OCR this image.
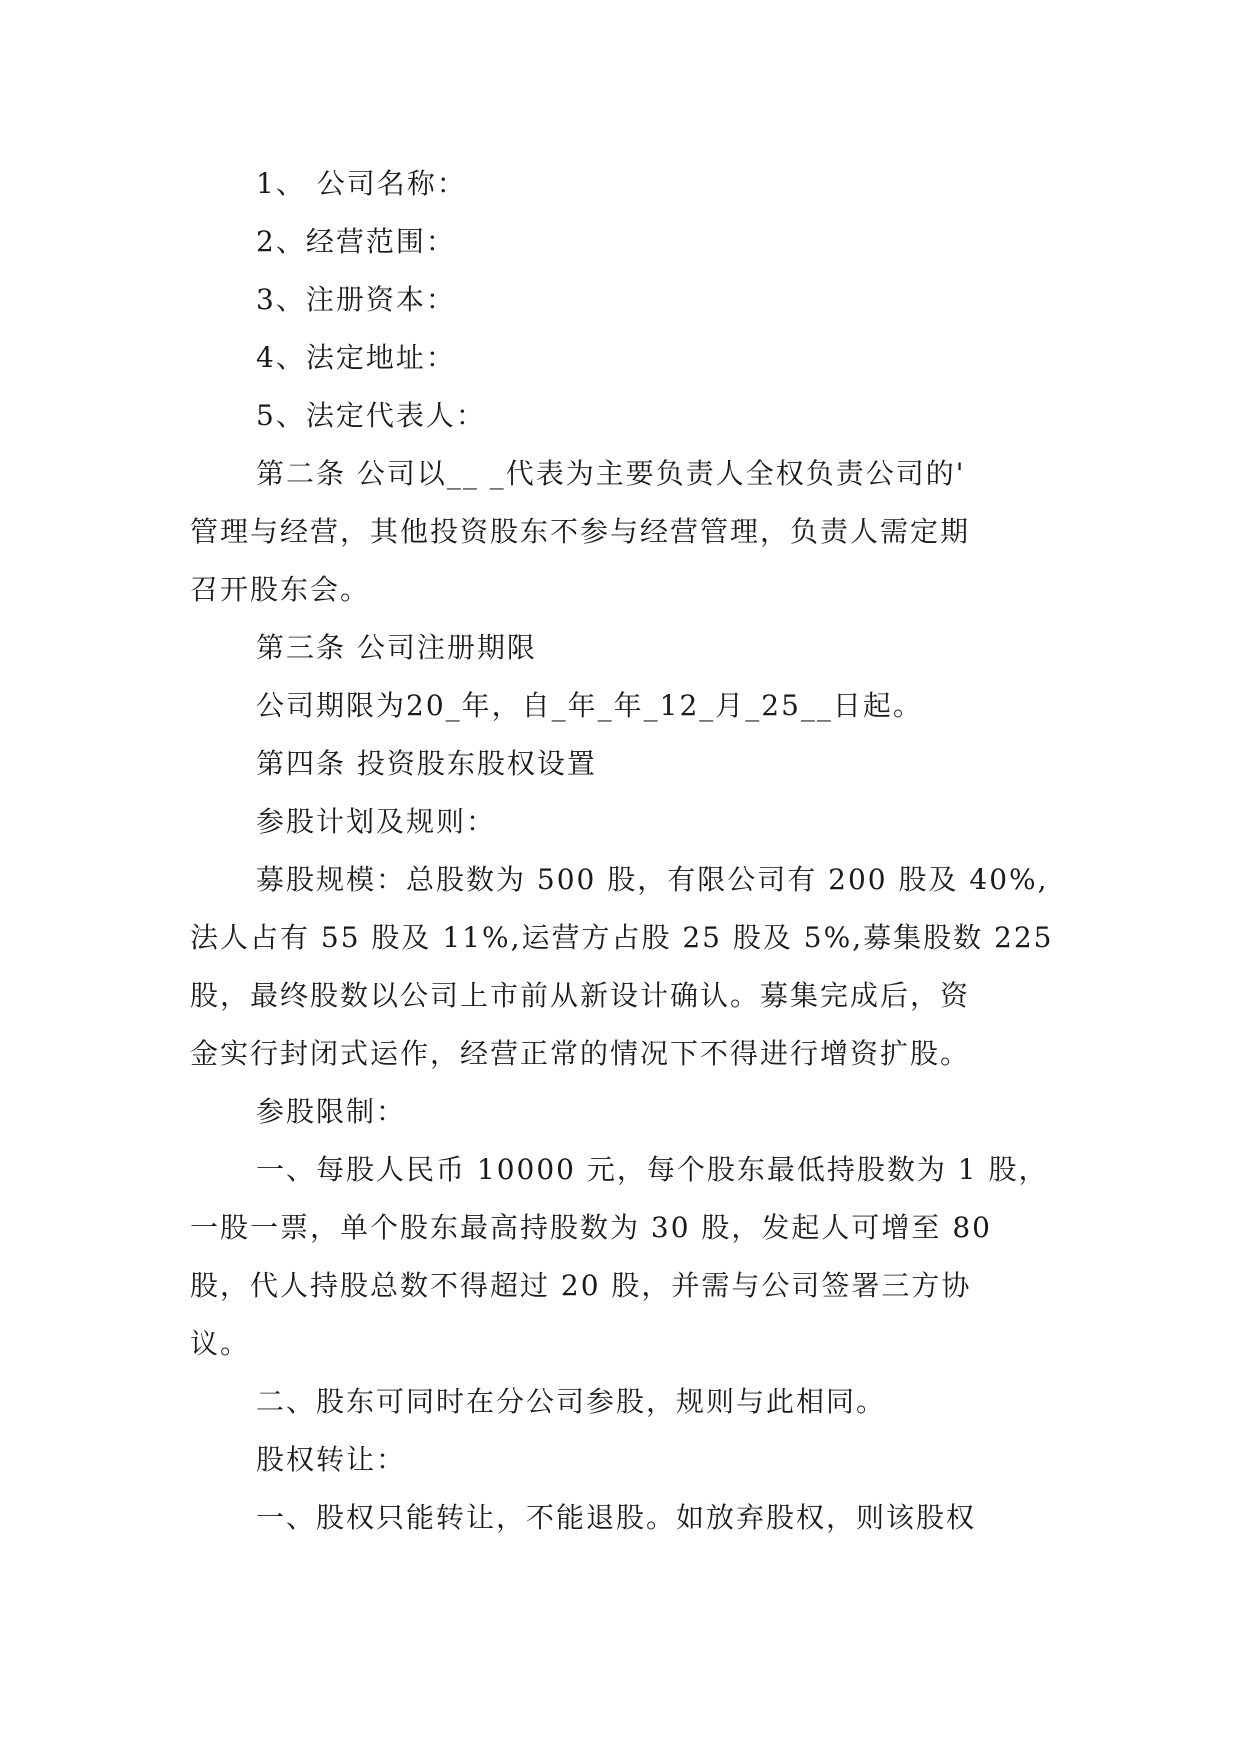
1、 公司名称：
2、经营范围：
3、注册资本：
4、法定地址：
5、法定代表人：
第二条 公司以__ _代表为主要负责人全权负责公司的'
管理与经营，其他投资股东不参与经营管理，负责人需定期
召开股东会。
第三条 公司注册期限
公司期限为20_年，自_年_年_12_月_25__日起。
第四条 投资股东股权设置
参股计划及规则：
募股规模：总股数为 500 股，有限公司有 200 股及 40%,
法人占有 55 股及 11%,运营方占股 25 股及 5%,募集股数 225
股，最终股数以公司上市前从新设计确认。募集完成后，资
金实行封闭式运作，经营正常的情况下不得进行增资扩股。
参股限制：
一、每股人民币 10000 元，每个股东最低持股数为 1 股，
一股一票，单个股东最高持股数为 30 股，发起人可增至 80
股，代人持股总数不得超过 20 股，并需与公司签署三方协
议。
二、股东可同时在分公司参股，规则与此相同。
股权转让：
一、股权只能转让，不能退股。如放弃股权，则该股权
